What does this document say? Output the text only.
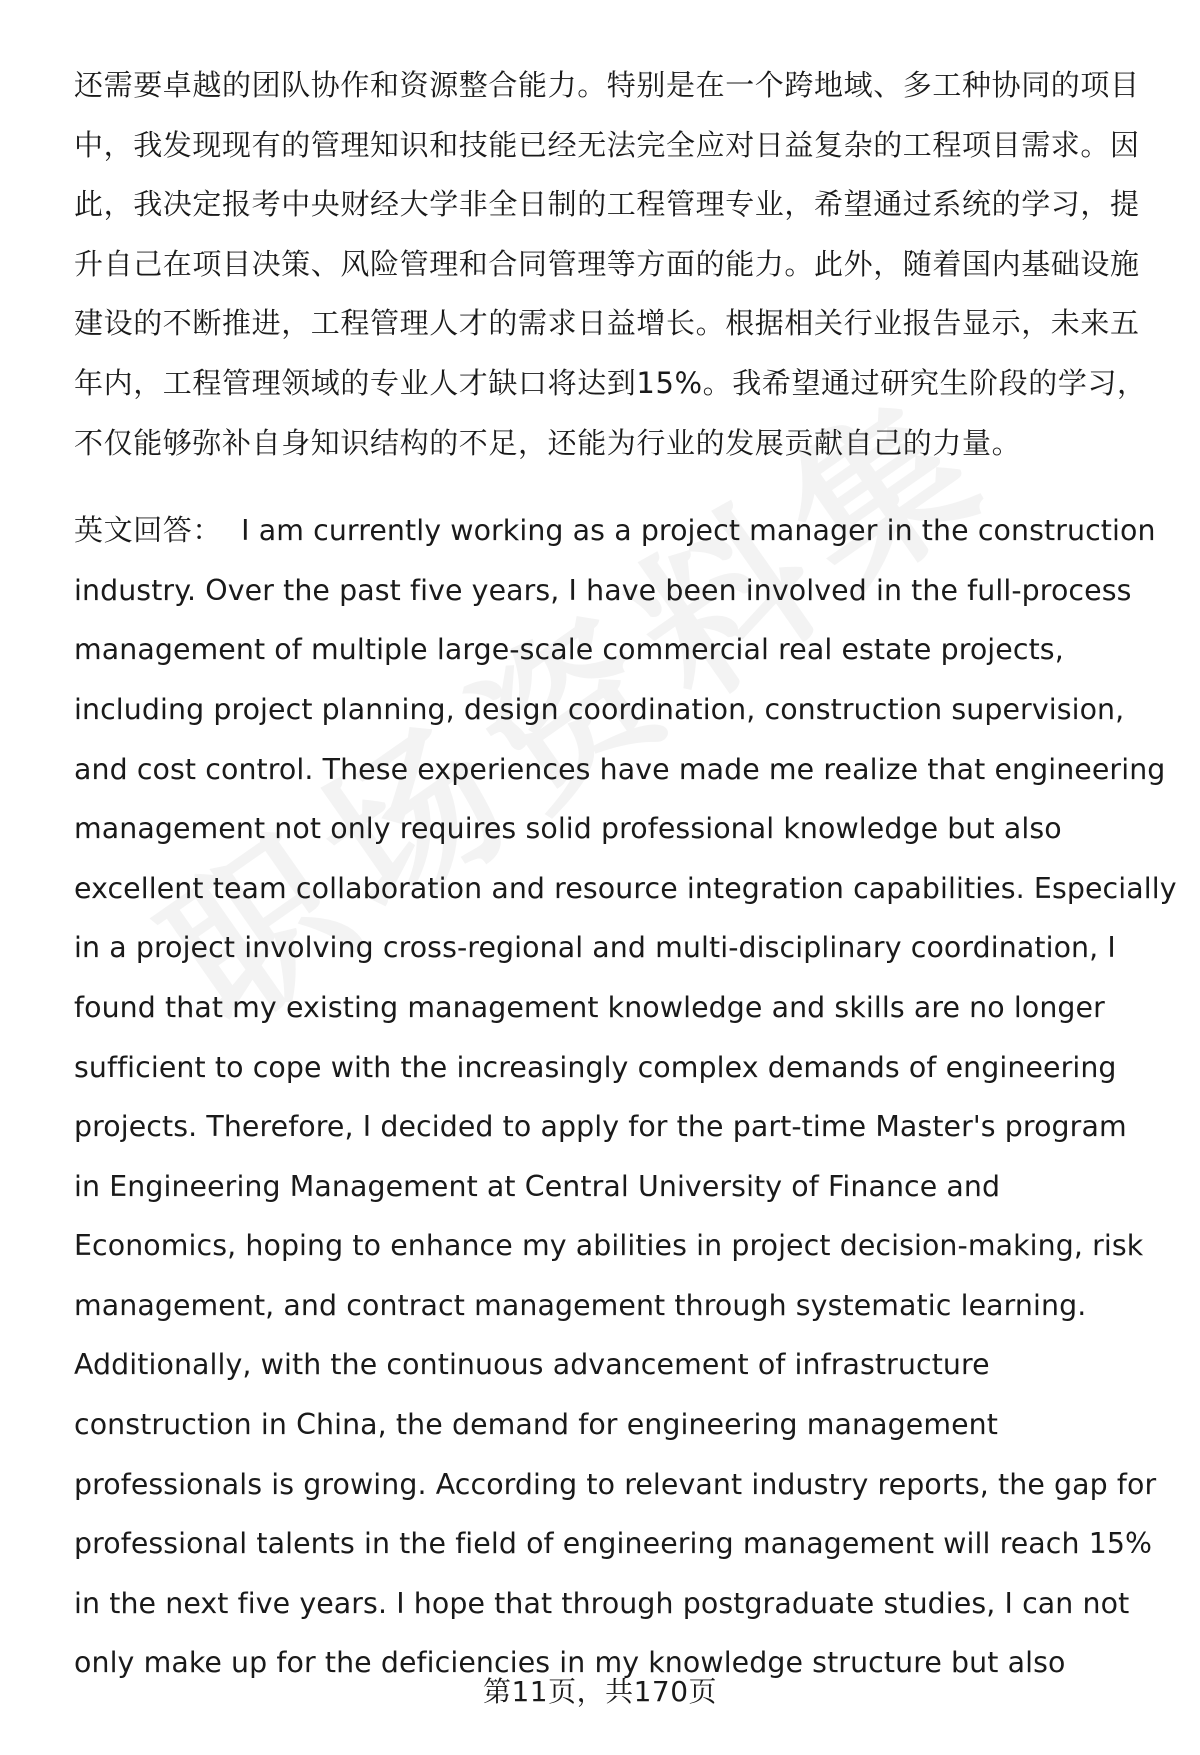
还需要卓越的团队协作和资源整合能力。特别是在一个跨地域、多工种协同的项目
中，我发现现有的管理知识和技能已经无法完全应对日益复杂的工程项目需求。因
此，我决定报考中央财经大学非全日制的工程管理专业，希望通过系统的学习，提
升自己在项目决策、风险管理和合同管理等方面的能力。此外，随着国内基础设施
建设的不断推进，工程管理人才的需求日益增长。根据相关行业报告显示，未来五
年内，工程管理领域的专业人才缺口将达到15%。我希望通过研究生阶段的学习，
不仅能够弥补自身知识结构的不足，还能为行业的发展贡献自己的力量。
英文回答： I am currently working as a project manager in the construction
industry. Over the past five years, I have been involved in the full-process
management of multiple large-scale commercial real estate projects,
including project planning, design coordination, construction supervision,
and cost control. These experiences have made me realize that engineering
management not only requires solid professional knowledge but also
excellent team collaboration and resource integration capabilities. Especially
in a project involving cross-regional and multi-disciplinary coordination, I
found that my existing management knowledge and skills are no longer
sufficient to cope with the increasingly complex demands of engineering
projects. Therefore, I decided to apply for the part-time Master's program
in Engineering Management at Central University of Finance and
Economics, hoping to enhance my abilities in project decision-making, risk
management, and contract management through systematic learning.
Additionally, with the continuous advancement of infrastructure
construction in China, the demand for engineering management
professionals is growing. According to relevant industry reports, the gap for
professional talents in the field of engineering management will reach 15%
in the next five years. I hope that through postgraduate studies, I can not
only make up for the deficiencies in my knowledge structure but also
第11页，共170页
